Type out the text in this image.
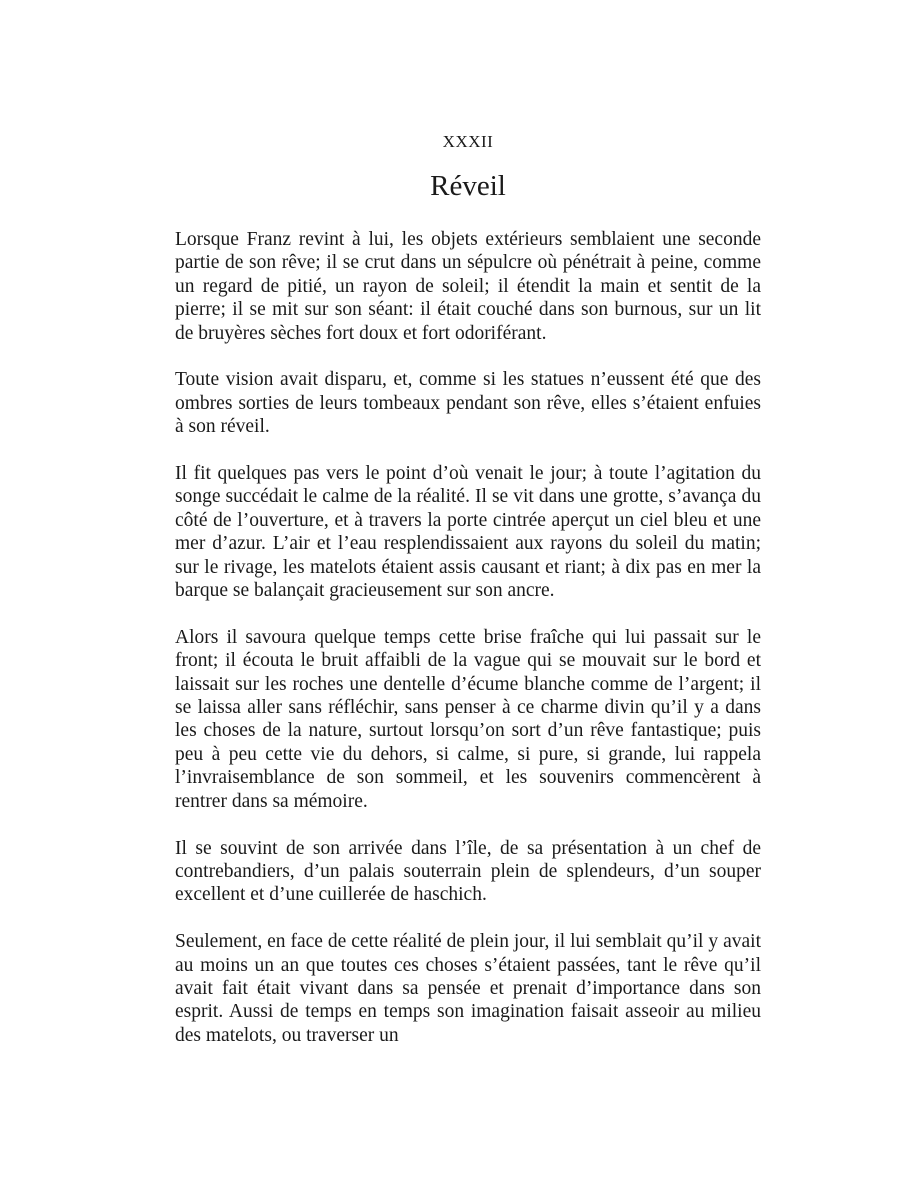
XXXII
Réveil

Lorsque Franz revint à lui, les objets extérieurs semblaient une seconde partie de son rêve; il se crut dans un sépulcre où pénétrait à peine, comme un regard de pitié, un rayon de soleil; il étendit la main et sentit de la pierre; il se mit sur son séant: il était couché dans son burnous, sur un lit de bruyères sèches fort doux et fort odoriférant.

Toute vision avait disparu, et, comme si les statues n’eussent été que des ombres sorties de leurs tombeaux pendant son rêve, elles s’étaient enfuies à son réveil.

Il fit quelques pas vers le point d’où venait le jour; à toute l’agitation du songe succédait le calme de la réalité. Il se vit dans une grotte, s’avança du côté de l’ouverture, et à travers la porte cintrée aperçut un ciel bleu et une mer d’azur. L’air et l’eau resplendissaient aux rayons du soleil du matin; sur le rivage, les matelots étaient assis causant et riant; à dix pas en mer la barque se balançait gracieusement sur son ancre.

Alors il savoura quelque temps cette brise fraîche qui lui passait sur le front; il écouta le bruit affaibli de la vague qui se mouvait sur le bord et laissait sur les roches une dentelle d’écume blanche comme de l’argent; il se laissa aller sans réfléchir, sans penser à ce charme divin qu’il y a dans les choses de la nature, surtout lorsqu’on sort d’un rêve fantastique; puis peu à peu cette vie du dehors, si calme, si pure, si grande, lui rappela l’invraisemblance de son sommeil, et les souvenirs commencèrent à rentrer dans sa mémoire.

Il se souvint de son arrivée dans l’île, de sa présentation à un chef de contrebandiers, d’un palais souterrain plein de splendeurs, d’un souper excellent et d’une cuillerée de haschich.

Seulement, en face de cette réalité de plein jour, il lui semblait qu’il y avait au moins un an que toutes ces choses s’étaient passées, tant le rêve qu’il avait fait était vivant dans sa pensée et prenait d’importance dans son esprit. Aussi de temps en temps son imagination faisait asseoir au milieu des matelots, ou traverser un
